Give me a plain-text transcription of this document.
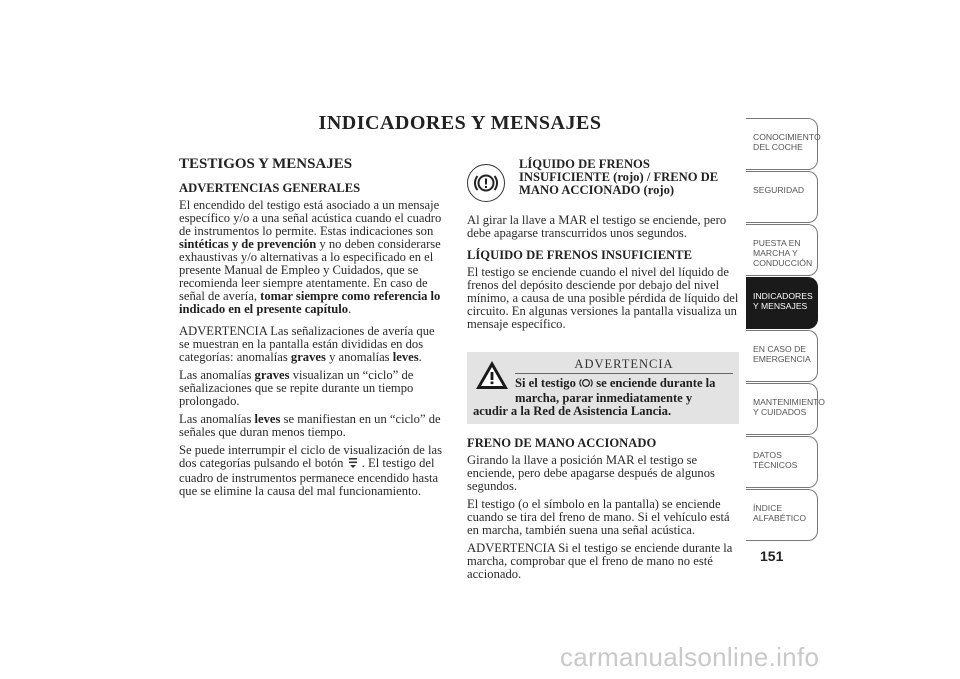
INDICADORES Y MENSAJES
TESTIGOS Y MENSAJES
ADVERTENCIAS GENERALES

El encendido del testigo está asociado a un mensaje específico y/o a una señal acústica cuando el cuadro de instrumentos lo permite. Estas indicaciones son sintéticas y de prevención y no deben considerarse exhaustivas y/o alternativas a lo especificado en el presente Manual de Empleo y Cuidados, que se recomienda leer siempre atentamente. En caso de señal de avería, tomar siempre como referencia lo indicado en el presente capítulo.

ADVERTENCIA Las señalizaciones de avería que se muestran en la pantalla están divididas en dos categorías: anomalías graves y anomalías leves.

Las anomalías graves visualizan un “ciclo” de señalizaciones que se repite durante un tiempo prolongado.

Las anomalías leves se manifiestan en un “ciclo” de señales que duran menos tiempo.

Se puede interrumpir el ciclo de visualización de las dos categorías pulsando el botón . El testigo del cuadro de instrumentos permanece encendido hasta que se elimine la causa del mal funcionamiento.

LÍQUIDO DE FRENOS INSUFICIENTE (rojo) / FRENO DE MANO ACCIONADO (rojo)

Al girar la llave a MAR el testigo se enciende, pero debe apagarse transcurridos unos segundos.

LÍQUIDO DE FRENOS INSUFICIENTE

El testigo se enciende cuando el nivel del líquido de frenos del depósito desciende por debajo del nivel mínimo, a causa de una posible pérdida de líquido del circuito. En algunas versiones la pantalla visualiza un mensaje específico.

ADVERTENCIA
Si el testigo se enciende durante la marcha, parar inmediatamente y
acudir a la Red de Asistencia Lancia.
FRENO DE MANO ACCIONADO

Girando la llave a posición MAR el testigo se enciende, pero debe apagarse después de algunos segundos.

El testigo (o el símbolo en la pantalla) se enciende cuando se tira del freno de mano. Si el vehículo está en marcha, también suena una señal acústica.

ADVERTENCIA Si el testigo se enciende durante la marcha, comprobar que el freno de mano no esté accionado.

CONOCIMIENTO DEL COCHE
SEGURIDAD
PUESTA EN MARCHA Y CONDUCCIÓN
INDICADORES Y MENSAJES
EN CASO DE EMERGENCIA
MANTENIMIENTO Y CUIDADOS
DATOS TÉCNICOS
ÍNDICE ALFABÉTICO
151
carmanualsonline.info
